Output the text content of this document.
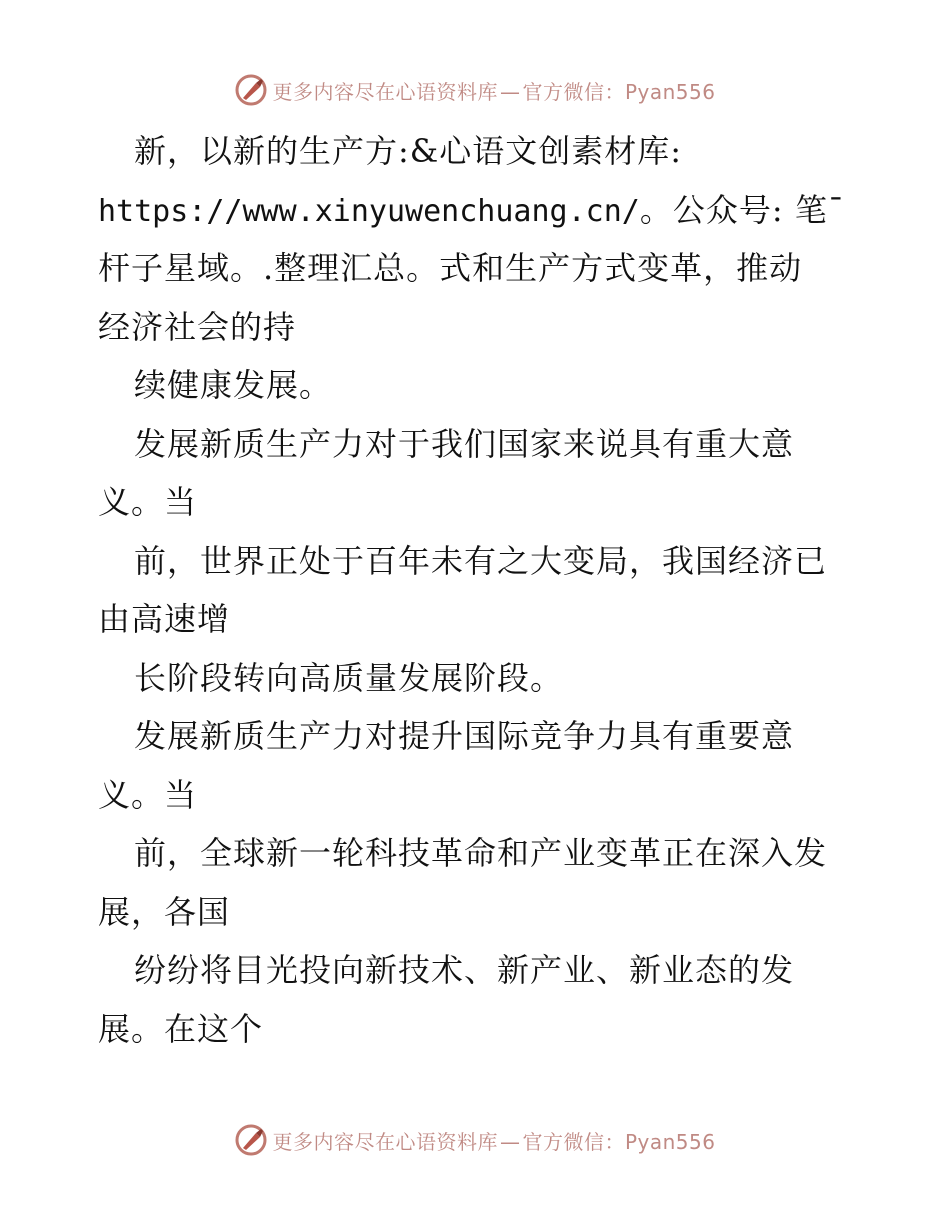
更多内容尽在心语资料库 — 官方微信：Pyan556
新，以新的生产方:&心语文创素材库:
https://www.xinyuwenchuang.cn/。公众号: 笔¯
杆子星域。.整理汇总。式和生产方式变革，推动
经济社会的持
续健康发展。
发展新质生产力对于我们国家来说具有重大意
义。当
前，世界正处于百年未有之大变局，我国经济已
由高速增
长阶段转向高质量发展阶段。
发展新质生产力对提升国际竞争力具有重要意
义。当
前，全球新一轮科技革命和产业变革正在深入发
展，各国
纷纷将目光投向新技术、新产业、新业态的发
展。在这个
更多内容尽在心语资料库 — 官方微信：Pyan556
